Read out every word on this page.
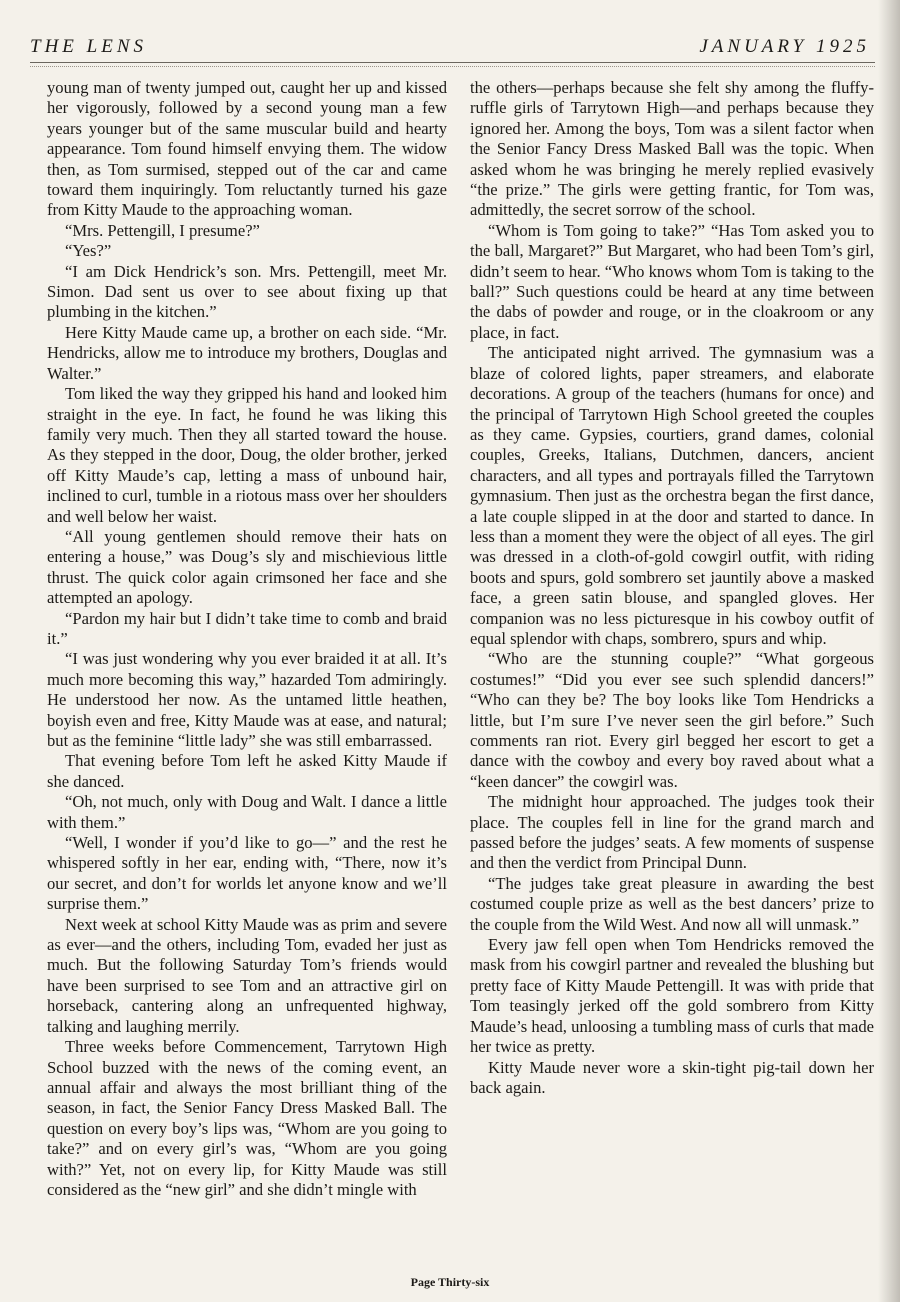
THE LENS	JANUARY 1925

young man of twenty jumped out, caught her up and kissed her vigorously, followed by a second young man a few years younger but of the same muscular build and hearty appearance. Tom found himself envying them. The widow then, as Tom surmised, stepped out of the car and came toward them inquiringly. Tom reluctantly turned his gaze from Kitty Maude to the approaching woman.

“Mrs. Pettengill, I presume?”

“Yes?”

“I am Dick Hendrick’s son. Mrs. Pettengill, meet Mr. Simon. Dad sent us over to see about fixing up that plumbing in the kitchen.”

Here Kitty Maude came up, a brother on each side. “Mr. Hendricks, allow me to introduce my brothers, Douglas and Walter.”

Tom liked the way they gripped his hand and looked him straight in the eye. In fact, he found he was liking this family very much. Then they all started toward the house. As they stepped in the door, Doug, the older brother, jerked off Kitty Maude’s cap, letting a mass of unbound hair, inclined to curl, tumble in a riotous mass over her shoulders and well below her waist.

“All young gentlemen should remove their hats on entering a house,” was Doug’s sly and mischievious little thrust. The quick color again crimsoned her face and she attempted an apology.

“Pardon my hair but I didn’t take time to comb and braid it.”

“I was just wondering why you ever braided it at all. It’s much more becoming this way,” hazarded Tom admiringly. He understood her now. As the untamed little heathen, boyish even and free, Kitty Maude was at ease, and natural; but as the feminine “little lady” she was still embarrassed.

That evening before Tom left he asked Kitty Maude if she danced.

“Oh, not much, only with Doug and Walt. I dance a little with them.”

“Well, I wonder if you’d like to go—” and the rest he whispered softly in her ear, ending with, “There, now it’s our secret, and don’t for worlds let anyone know and we’ll surprise them.”

Next week at school Kitty Maude was as prim and severe as ever—and the others, including Tom, evaded her just as much. But the following Saturday Tom’s friends would have been surprised to see Tom and an attractive girl on horseback, cantering along an unfrequented highway, talking and laughing merrily.

Three weeks before Commencement, Tarrytown High School buzzed with the news of the coming event, an annual affair and always the most brilliant thing of the season, in fact, the Senior Fancy Dress Masked Ball. The question on every boy’s lips was, “Whom are you going to take?” and on every girl’s was, “Whom are you going with?” Yet, not on every lip, for Kitty Maude was still considered as the “new girl” and she didn’t mingle with

the others—perhaps because she felt shy among the fluffy-ruffle girls of Tarrytown High—and perhaps because they ignored her. Among the boys, Tom was a silent factor when the Senior Fancy Dress Masked Ball was the topic. When asked whom he was bringing he merely replied evasively “the prize.” The girls were getting frantic, for Tom was, admittedly, the secret sorrow of the school.

“Whom is Tom going to take?” “Has Tom asked you to the ball, Margaret?” But Margaret, who had been Tom’s girl, didn’t seem to hear. “Who knows whom Tom is taking to the ball?” Such questions could be heard at any time between the dabs of powder and rouge, or in the cloakroom or any place, in fact.

The anticipated night arrived. The gymnasium was a blaze of colored lights, paper streamers, and elaborate decorations. A group of the teachers (humans for once) and the principal of Tarrytown High School greeted the couples as they came. Gypsies, courtiers, grand dames, colonial couples, Greeks, Italians, Dutchmen, dancers, ancient characters, and all types and portrayals filled the Tarrytown gymnasium. Then just as the orchestra began the first dance, a late couple slipped in at the door and started to dance. In less than a moment they were the object of all eyes. The girl was dressed in a cloth-of-gold cowgirl outfit, with riding boots and spurs, gold sombrero set jauntily above a masked face, a green satin blouse, and spangled gloves. Her companion was no less picturesque in his cowboy outfit of equal splendor with chaps, sombrero, spurs and whip.

“Who are the stunning couple?” “What gorgeous costumes!” “Did you ever see such splendid dancers!” “Who can they be? The boy looks like Tom Hendricks a little, but I’m sure I’ve never seen the girl before.” Such comments ran riot. Every girl begged her escort to get a dance with the cowboy and every boy raved about what a “keen dancer” the cowgirl was.

The midnight hour approached. The judges took their place. The couples fell in line for the grand march and passed before the judges’ seats. A few moments of suspense and then the verdict from Principal Dunn.

“The judges take great pleasure in awarding the best costumed couple prize as well as the best dancers’ prize to the couple from the Wild West. And now all will unmask.”

Every jaw fell open when Tom Hendricks removed the mask from his cowgirl partner and revealed the blushing but pretty face of Kitty Maude Pettengill. It was with pride that Tom teasingly jerked off the gold sombrero from Kitty Maude’s head, unloosing a tumbling mass of curls that made her twice as pretty.

Kitty Maude never wore a skin-tight pig-tail down her back again.

Page Thirty-six
